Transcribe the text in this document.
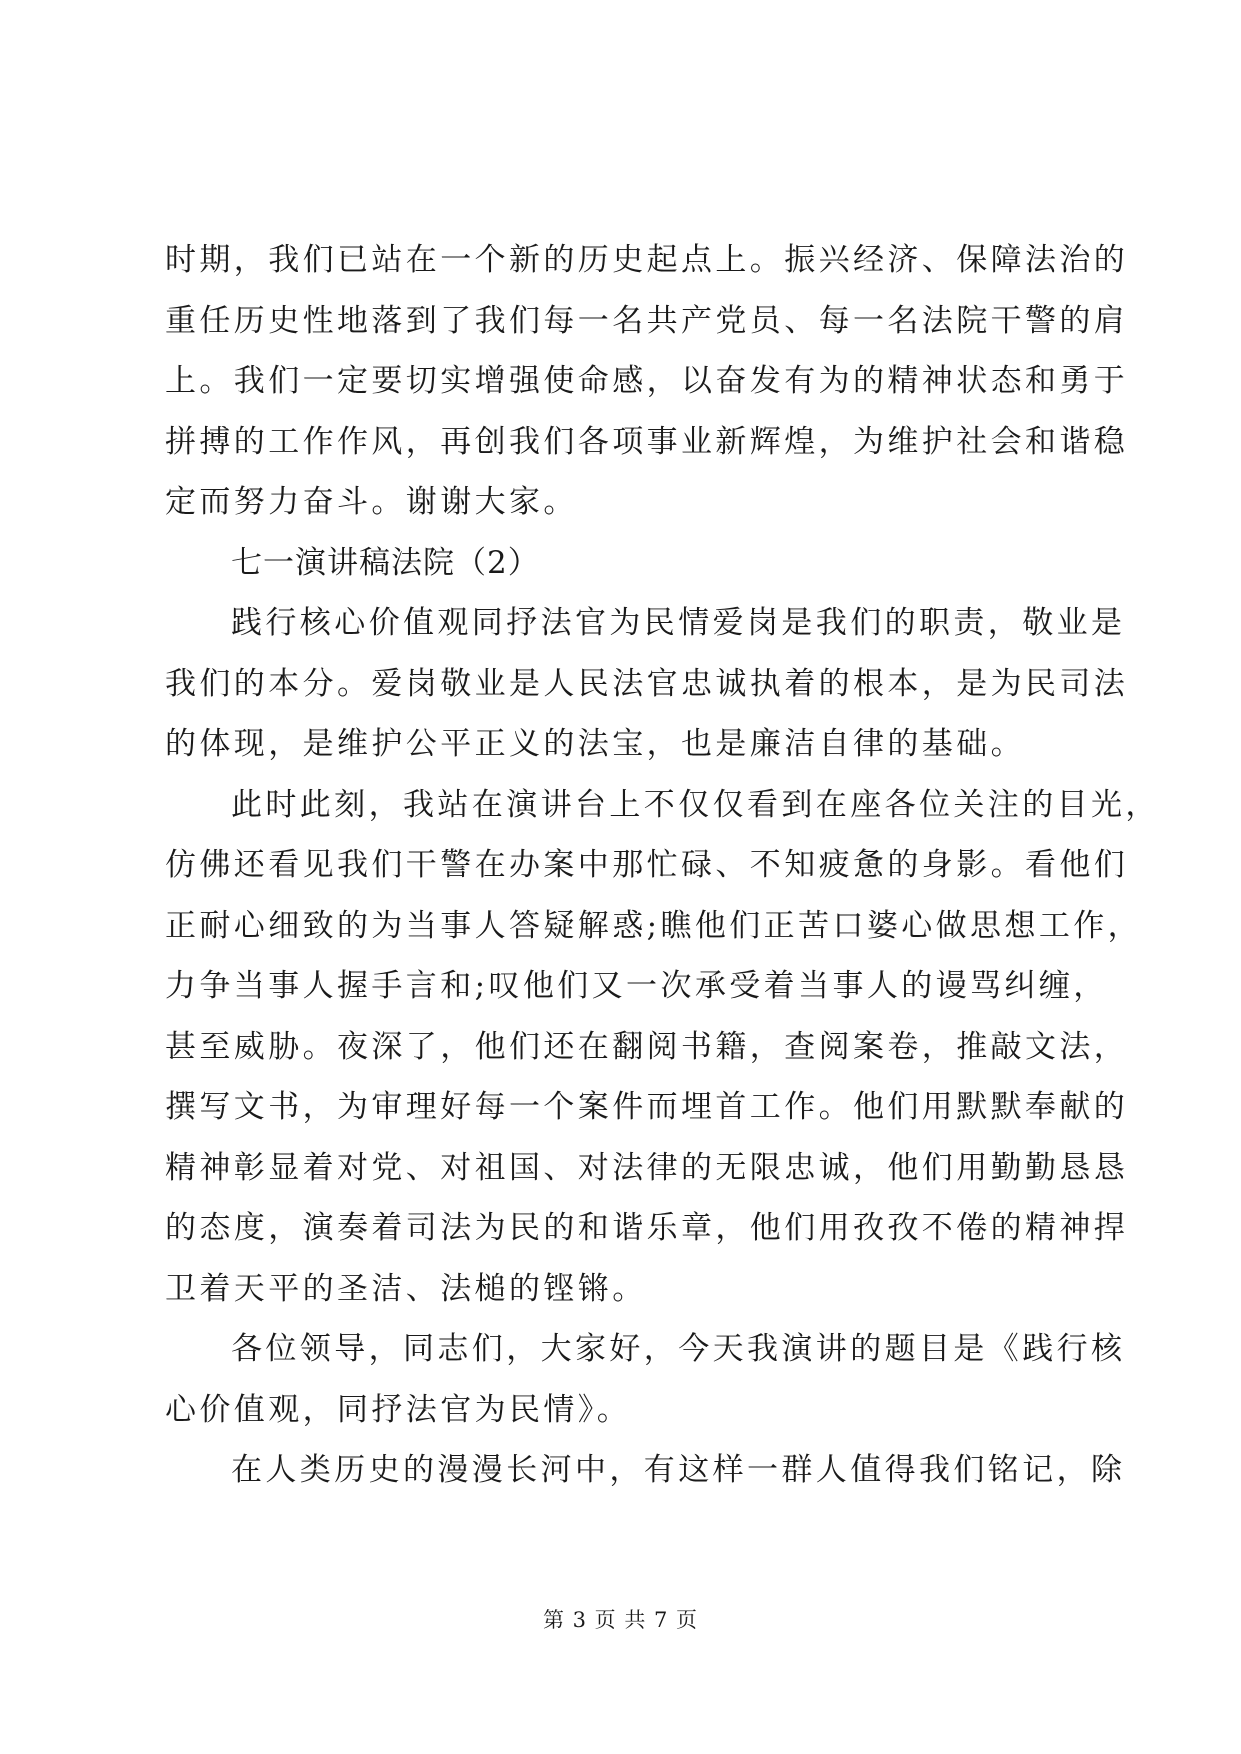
时期，我们已站在一个新的历史起点上。振兴经济、保障法治的
重任历史性地落到了我们每一名共产党员、每一名法院干警的肩
上。我们一定要切实增强使命感，以奋发有为的精神状态和勇于
拼搏的工作作风，再创我们各项事业新辉煌，为维护社会和谐稳
定而努力奋斗。谢谢大家。
七一演讲稿法院（2）
践行核心价值观同抒法官为民情爱岗是我们的职责，敬业是
我们的本分。爱岗敬业是人民法官忠诚执着的根本，是为民司法
的体现，是维护公平正义的法宝，也是廉洁自律的基础。
此时此刻，我站在演讲台上不仅仅看到在座各位关注的目光，
仿佛还看见我们干警在办案中那忙碌、不知疲惫的身影。看他们
正耐心细致的为当事人答疑解惑;瞧他们正苦口婆心做思想工作，
力争当事人握手言和;叹他们又一次承受着当事人的谩骂纠缠，
甚至威胁。夜深了，他们还在翻阅书籍，查阅案卷，推敲文法，
撰写文书，为审理好每一个案件而埋首工作。他们用默默奉献的
精神彰显着对党、对祖国、对法律的无限忠诚，他们用勤勤恳恳
的态度，演奏着司法为民的和谐乐章，他们用孜孜不倦的精神捍
卫着天平的圣洁、法槌的铿锵。
各位领导，同志们，大家好，今天我演讲的题目是《践行核
心价值观，同抒法官为民情》。
在人类历史的漫漫长河中，有这样一群人值得我们铭记，除
第 3 页 共 7 页
